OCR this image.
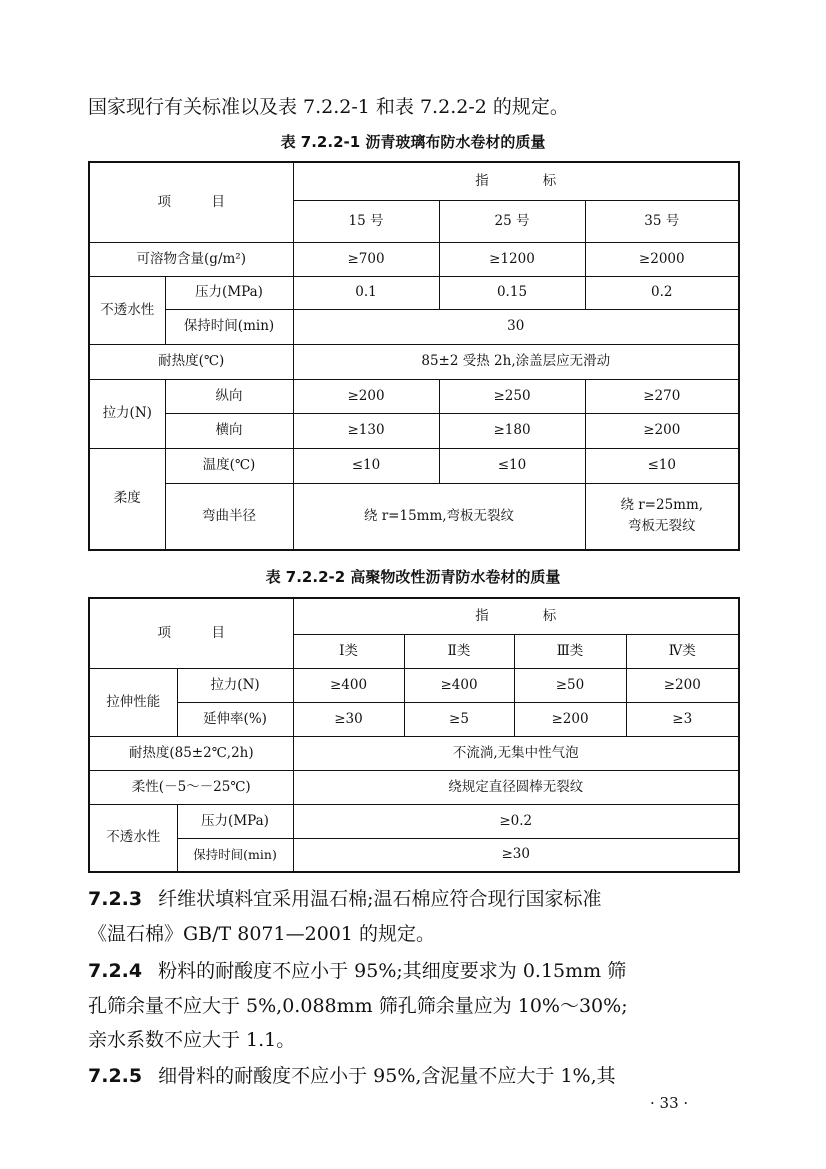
国家现行有关标准以及表 7.2.2-1 和表 7.2.2-2 的规定。
表 7.2.2-1 沥青玻璃布防水卷材的质量
项　　　目		指　　　　标		
		15 号	25 号	35 号
可溶物含量(g/m²)		≥700	≥1200	≥2000
不透水性	压力(MPa)	0.1	0.15	0.2
	保持时间(min)	30		
耐热度(℃)		85±2 受热 2h,涂盖层应无滑动		
拉力(N)	纵向	≥200	≥250	≥270
	横向	≥130	≥180	≥200
柔度	温度(℃)	≤10	≤10	≤10
	弯曲半径	绕 r=15mm,弯板无裂纹		绕 r=25mm,
弯板无裂纹
表 7.2.2-2 高聚物改性沥青防水卷材的质量
项　　　目		指　　　　标			
		Ⅰ类	Ⅱ类	Ⅲ类	Ⅳ类
拉伸性能	拉力(N)	≥400	≥400	≥50	≥200
	延伸率(%)	≥30	≥5	≥200	≥3
耐热度(85±2℃,2h)		不流淌,无集中性气泡			
柔性(－5～－25℃)		绕规定直径圆棒无裂纹			
不透水性	压力(MPa)	≥0.2			
	保持时间(min)	≥30			
7.2.3 纤维状填料宜采用温石棉;温石棉应符合现行国家标准
《温石棉》GB/T 8071—2001 的规定。
7.2.4 粉料的耐酸度不应小于 95%;其细度要求为 0.15mm 筛
孔筛余量不应大于 5%,0.088mm 筛孔筛余量应为 10%～30%;
亲水系数不应大于 1.1。
7.2.5 细骨料的耐酸度不应小于 95%,含泥量不应大于 1%,其
· 33 ·
